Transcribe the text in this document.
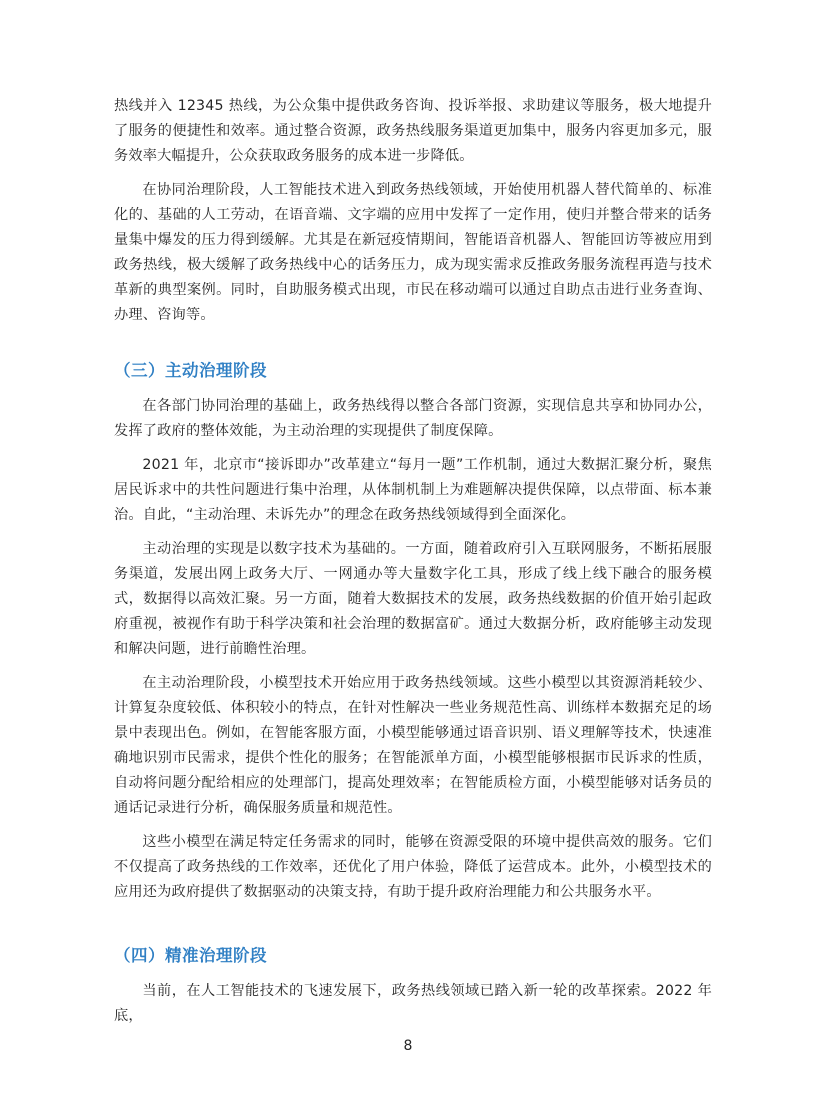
热线并入 12345 热线，为公众集中提供政务咨询、投诉举报、求助建议等服务，极大地提升了服务的便捷性和效率。通过整合资源，政务热线服务渠道更加集中，服务内容更加多元，服务效率大幅提升，公众获取政务服务的成本进一步降低。

在协同治理阶段，人工智能技术进入到政务热线领域，开始使用机器人替代简单的、标准化的、基础的人工劳动，在语音端、文字端的应用中发挥了一定作用，使归并整合带来的话务量集中爆发的压力得到缓解。尤其是在新冠疫情期间，智能语音机器人、智能回访等被应用到政务热线，极大缓解了政务热线中心的话务压力，成为现实需求反推政务服务流程再造与技术革新的典型案例。同时，自助服务模式出现，市民在移动端可以通过自助点击进行业务查询、办理、咨询等。

（三）主动治理阶段

在各部门协同治理的基础上，政务热线得以整合各部门资源，实现信息共享和协同办公，发挥了政府的整体效能，为主动治理的实现提供了制度保障。

2021 年，北京市“接诉即办”改革建立“每月一题”工作机制，通过大数据汇聚分析，聚焦居民诉求中的共性问题进行集中治理，从体制机制上为难题解决提供保障，以点带面、标本兼治。自此，“主动治理、未诉先办”的理念在政务热线领域得到全面深化。

主动治理的实现是以数字技术为基础的。一方面，随着政府引入互联网服务，不断拓展服务渠道，发展出网上政务大厅、一网通办等大量数字化工具，形成了线上线下融合的服务模式，数据得以高效汇聚。另一方面，随着大数据技术的发展，政务热线数据的价值开始引起政府重视，被视作有助于科学决策和社会治理的数据富矿。通过大数据分析，政府能够主动发现和解决问题，进行前瞻性治理。

在主动治理阶段，小模型技术开始应用于政务热线领域。这些小模型以其资源消耗较少、计算复杂度较低、体积较小的特点，在针对性解决一些业务规范性高、训练样本数据充足的场景中表现出色。例如，在智能客服方面，小模型能够通过语音识别、语义理解等技术，快速准确地识别市民需求，提供个性化的服务；在智能派单方面，小模型能够根据市民诉求的性质，自动将问题分配给相应的处理部门，提高处理效率；在智能质检方面，小模型能够对话务员的通话记录进行分析，确保服务质量和规范性。

这些小模型在满足特定任务需求的同时，能够在资源受限的环境中提供高效的服务。它们不仅提高了政务热线的工作效率，还优化了用户体验，降低了运营成本。此外，小模型技术的应用还为政府提供了数据驱动的决策支持，有助于提升政府治理能力和公共服务水平。

（四）精准治理阶段

当前，在人工智能技术的飞速发展下，政务热线领域已踏入新一轮的改革探索。2022 年底，

8
